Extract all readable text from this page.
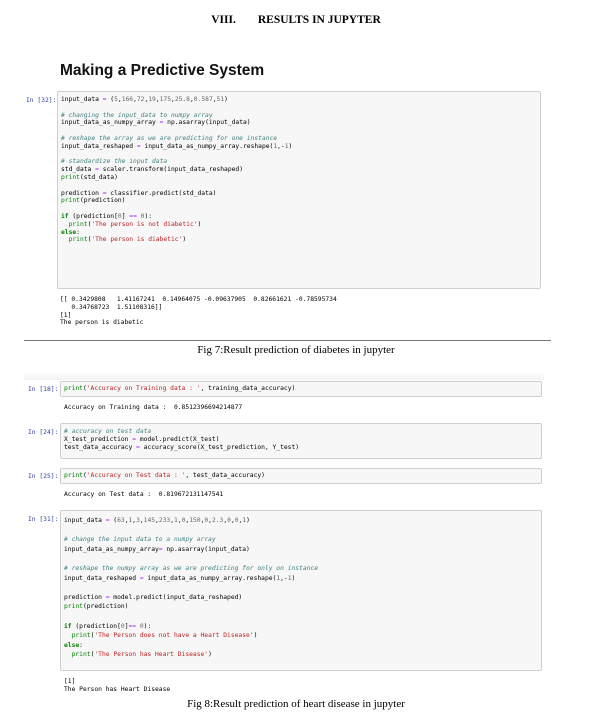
VIII. RESULTS IN JUPYTER
Making a Predictive System
In [32]: input_data = (5,166,72,19,175,25.8,0.587,51)

# changing the input_data to numpy array
input_data_as_numpy_array = np.asarray(input_data)

# reshape the array as we are predicting for one instance
input_data_reshaped = input_data_as_numpy_array.reshape(1,-1)

# standardize the input data
std_data = scaler.transform(input_data_reshaped)
print(std_data)

prediction = classifier.predict(std_data)
print(prediction)

if (prediction[0] == 0):
print('The person is not diabetic')
else:
print('The person is diabetic')
[[ 0.3429808   1.41167241  0.14964075 -0.09637905  0.82661621 -0.78595734
0.34768723  1.51108316]]
[1]
The person is diabetic
Fig 7:Result prediction of diabetes in jupyter
In [18]: print('Accuracy on Training data : ', training_data_accuracy)
Accuracy on Training data :  0.8512396694214877
In [24]: # accuracy on test data
X_test_prediction = model.predict(X_test)
test_data_accuracy = accuracy_score(X_test_prediction, Y_test)
In [25]: print('Accuracy on Test data : ', test_data_accuracy)
Accuracy on Test data :  0.819672131147541
In [31]: input_data = (63,1,3,145,233,1,0,150,0,2.3,0,0,1)

# change the input data to a numpy array
input_data_as_numpy_array= np.asarray(input_data)

# reshape the numpy array as we are predicting for only on instance
input_data_reshaped = input_data_as_numpy_array.reshape(1,-1)

prediction = model.predict(input_data_reshaped)
print(prediction)

if (prediction[0]== 0):
print('The Person does not have a Heart Disease')
else:
print('The Person has Heart Disease')
[1]
The Person has Heart Disease
Fig 8:Result prediction of heart disease in jupyter
